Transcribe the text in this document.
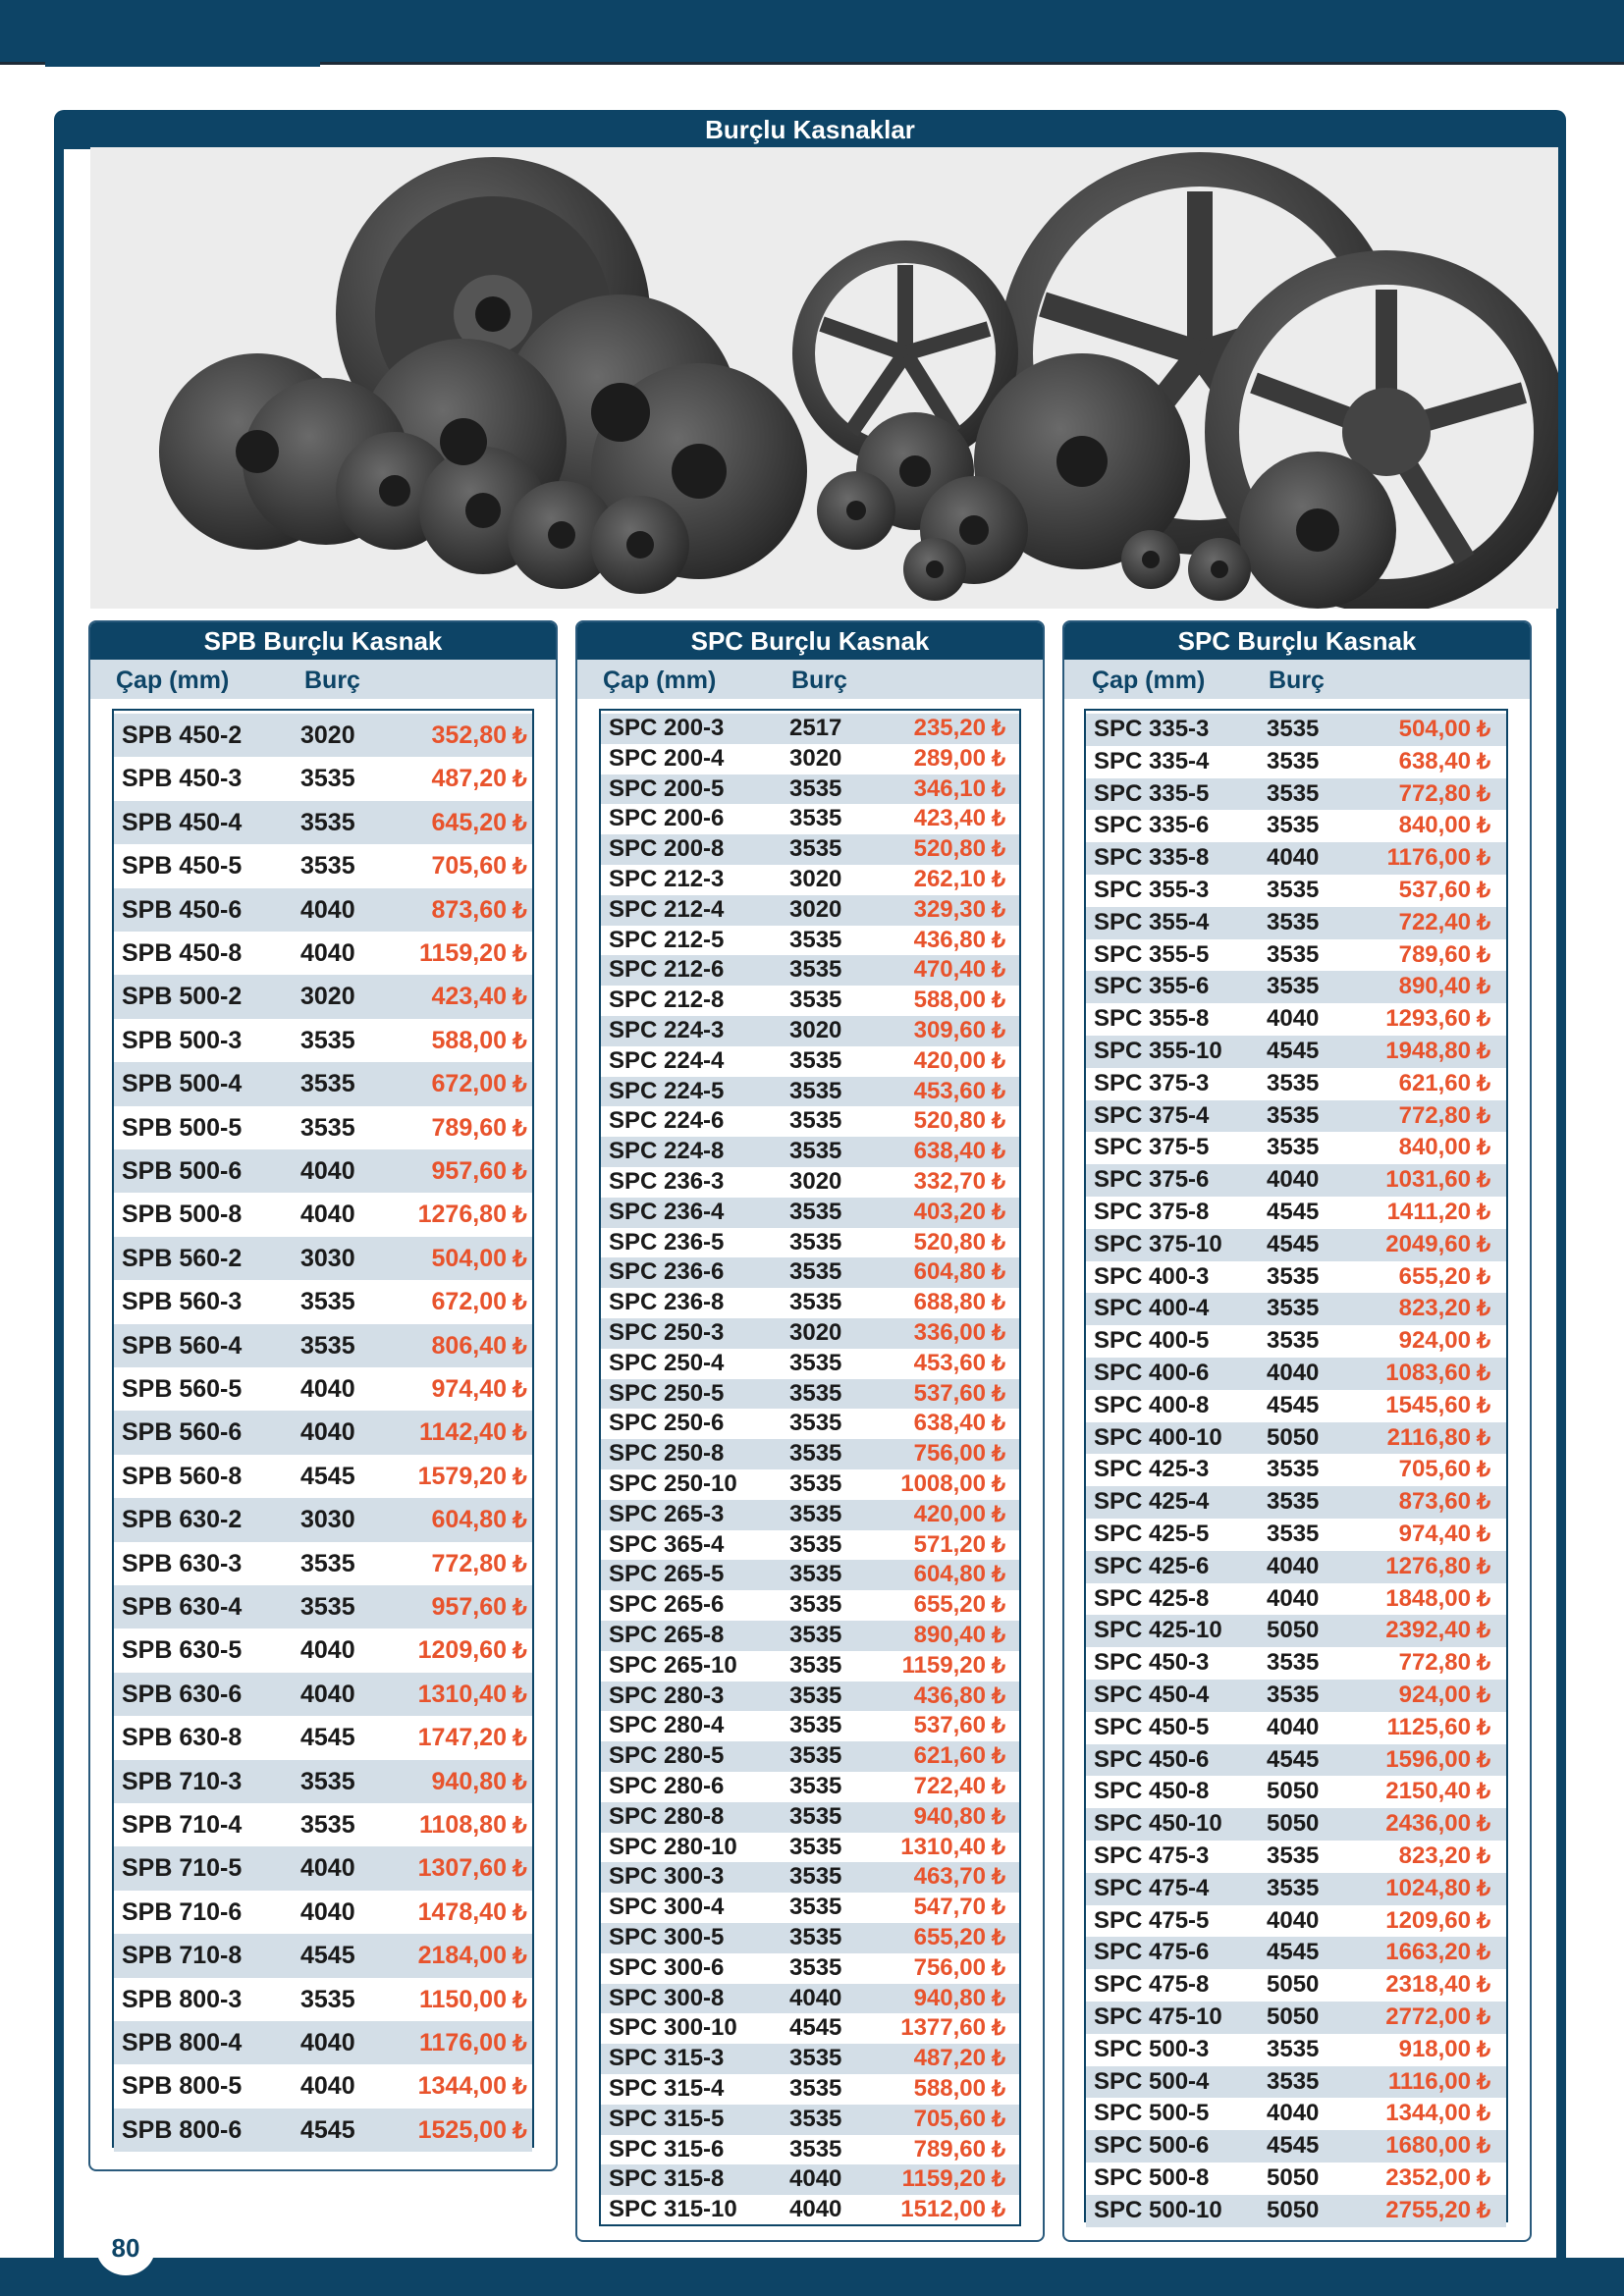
Burçlu Kasnaklar
SPB Burçlu Kasnak
Çap (mm)	Burç
SPB 450-2 3020	352,80 ₺
SPB 450-3 3535	487,20 ₺
SPB 450-4 3535	645,20 ₺
SPB 450-5 3535	705,60 ₺
SPB 450-6 4040	873,60 ₺
SPB 450-8 4040	1159,20 ₺
SPB 500-2 3020	423,40 ₺
SPB 500-3 3535	588,00 ₺
SPB 500-4 3535	672,00 ₺
SPB 500-5 3535	789,60 ₺
SPB 500-6 4040	957,60 ₺
SPB 500-8 4040	1276,80 ₺
SPB 560-2 3030	504,00 ₺
SPB 560-3 3535	672,00 ₺
SPB 560-4 3535	806,40 ₺
SPB 560-5 4040	974,40 ₺
SPB 560-6 4040	1142,40 ₺
SPB 560-8 4545	1579,20 ₺
SPB 630-2 3030	604,80 ₺
SPB 630-3 3535	772,80 ₺
SPB 630-4 3535	957,60 ₺
SPB 630-5 4040	1209,60 ₺
SPB 630-6 4040	1310,40 ₺
SPB 630-8 4545	1747,20 ₺
SPB 710-3 3535	940,80 ₺
SPB 710-4 3535	1108,80 ₺
SPB 710-5 4040	1307,60 ₺
SPB 710-6 4040	1478,40 ₺
SPB 710-8 4545	2184,00 ₺
SPB 800-3 3535	1150,00 ₺
SPB 800-4 4040	1176,00 ₺
SPB 800-5 4040	1344,00 ₺
SPB 800-6 4545	1525,00 ₺
SPC Burçlu Kasnak
Çap (mm)	Burç
SPC 200-3	2517	235,20 ₺
SPC 200-4	3020	289,00 ₺
SPC 200-5	3535	346,10 ₺
SPC 200-6	3535	423,40 ₺
SPC 200-8	3535	520,80 ₺
SPC 212-3	3020	262,10 ₺
SPC 212-4	3020	329,30 ₺
SPC 212-5	3535	436,80 ₺
SPC 212-6	3535	470,40 ₺
SPC 212-8	3535	588,00 ₺
SPC 224-3	3020	309,60 ₺
SPC 224-4	3535	420,00 ₺
SPC 224-5	3535	453,60 ₺
SPC 224-6	3535	520,80 ₺
SPC 224-8	3535	638,40 ₺
SPC 236-3	3020	332,70 ₺
SPC 236-4	3535	403,20 ₺
SPC 236-5	3535	520,80 ₺
SPC 236-6	3535	604,80 ₺
SPC 236-8	3535	688,80 ₺
SPC 250-3	3020	336,00 ₺
SPC 250-4	3535	453,60 ₺
SPC 250-5	3535	537,60 ₺
SPC 250-6	3535	638,40 ₺
SPC 250-8	3535	756,00 ₺
SPC 250-10 3535	1008,00 ₺
SPC 265-3	3535	420,00 ₺
SPC 365-4	3535	571,20 ₺
SPC 265-5	3535	604,80 ₺
SPC 265-6	3535	655,20 ₺
SPC 265-8	3535	890,40 ₺
SPC 265-10 3535	1159,20 ₺
SPC 280-3	3535	436,80 ₺
SPC 280-4	3535	537,60 ₺
SPC 280-5	3535	621,60 ₺
SPC 280-6	3535	722,40 ₺
SPC 280-8	3535	940,80 ₺
SPC 280-10 3535	1310,40 ₺
SPC 300-3	3535	463,70 ₺
SPC 300-4	3535	547,70 ₺
SPC 300-5	3535	655,20 ₺
SPC 300-6	3535	756,00 ₺
SPC 300-8	4040	940,80 ₺
SPC 300-10 4545	1377,60 ₺
SPC 315-3	3535	487,20 ₺
SPC 315-4	3535	588,00 ₺
SPC 315-5	3535	705,60 ₺
SPC 315-6	3535	789,60 ₺
SPC 315-8	4040	1159,20 ₺
SPC 315-10 4040	1512,00 ₺
SPC Burçlu Kasnak
Çap (mm)	Burç
SPC 335-3 3535	504,00 ₺
SPC 335-4 3535	638,40 ₺
SPC 335-5 3535	772,80 ₺
SPC 335-6 3535	840,00 ₺
SPC 335-8 4040	1176,00 ₺
SPC 355-3 3535	537,60 ₺
SPC 355-4 3535	722,40 ₺
SPC 355-5 3535	789,60 ₺
SPC 355-6 3535	890,40 ₺
SPC 355-8 4040	1293,60 ₺
SPC 355-10 4545	1948,80 ₺
SPC 375-3 3535	621,60 ₺
SPC 375-4 3535	772,80 ₺
SPC 375-5 3535	840,00 ₺
SPC 375-6 4040	1031,60 ₺
SPC 375-8 4545	1411,20 ₺
SPC 375-10 4545	2049,60 ₺
SPC 400-3 3535	655,20 ₺
SPC 400-4 3535	823,20 ₺
SPC 400-5 3535	924,00 ₺
SPC 400-6 4040	1083,60 ₺
SPC 400-8 4545	1545,60 ₺
SPC 400-10 5050	2116,80 ₺
SPC 425-3 3535	705,60 ₺
SPC 425-4 3535	873,60 ₺
SPC 425-5 3535	974,40 ₺
SPC 425-6 4040	1276,80 ₺
SPC 425-8 4040	1848,00 ₺
SPC 425-10 5050	2392,40 ₺
SPC 450-3 3535	772,80 ₺
SPC 450-4 3535	924,00 ₺
SPC 450-5 4040	1125,60 ₺
SPC 450-6 4545	1596,00 ₺
SPC 450-8 5050	2150,40 ₺
SPC 450-10 5050	2436,00 ₺
SPC 475-3 3535	823,20 ₺
SPC 475-4 3535	1024,80 ₺
SPC 475-5 4040	1209,60 ₺
SPC 475-6 4545	1663,20 ₺
SPC 475-8 5050	2318,40 ₺
SPC 475-10 5050	2772,00 ₺
SPC 500-3 3535	918,00 ₺
SPC 500-4 3535	1116,00 ₺
SPC 500-5 4040	1344,00 ₺
SPC 500-6 4545	1680,00 ₺
SPC 500-8 5050	2352,00 ₺
SPC 500-10 5050	2755,20 ₺
80
